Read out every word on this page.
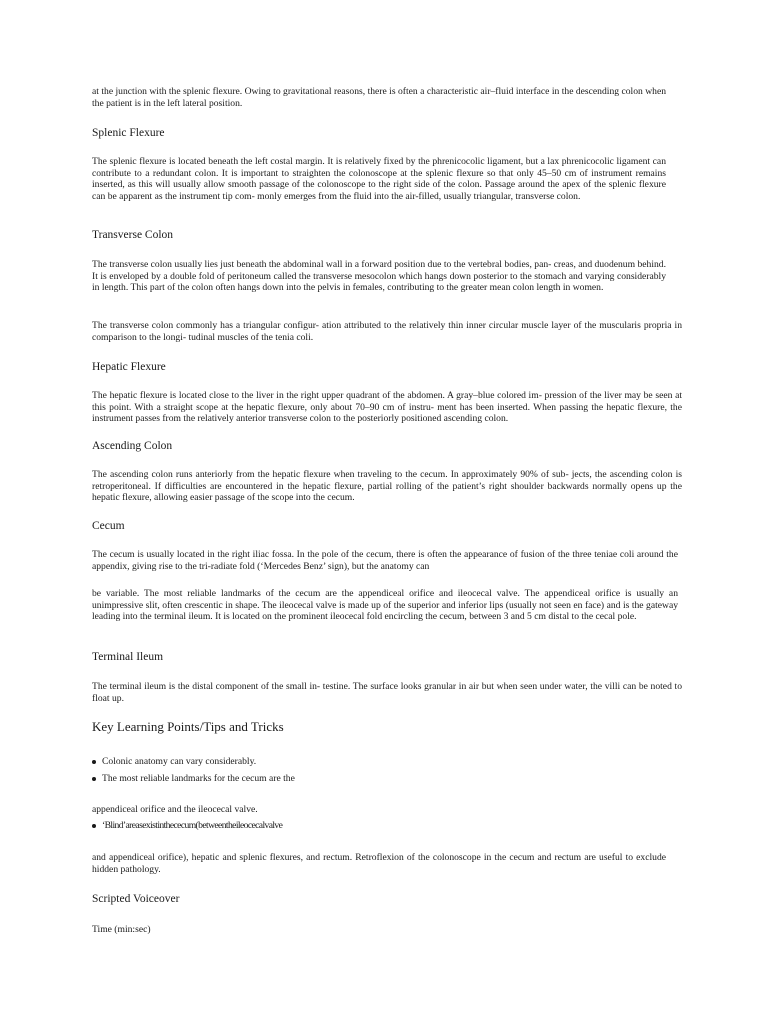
at the junction with the splenic flexure. Owing to gravitational reasons, there is often a characteristic air–fluid interface in the descending colon when the patient is in the left lateral position.

Splenic Flexure

The splenic flexure is located beneath the left costal margin. It is relatively fixed by the phrenicocolic ligament, but a lax phrenicocolic ligament can contribute to a redundant colon. It is important to straighten the colonoscope at the splenic flexure so that only 45–50 cm of instrument remains inserted, as this will usually allow smooth passage of the colonoscope to the right side of the colon. Passage around the apex of the splenic flexure can be apparent as the instrument tip com- monly emerges from the fluid into the air-filled, usually triangular, transverse colon.

Transverse Colon

The transverse colon usually lies just beneath the abdominal wall in a forward position due to the vertebral bodies, pan- creas, and duodenum behind. It is enveloped by a double fold of peritoneum called the transverse mesocolon which hangs down posterior to the stomach and varying considerably in length. This part of the colon often hangs down into the pelvis in females, contributing to the greater mean colon length in women.

The transverse colon commonly has a triangular configur- ation attributed to the relatively thin inner circular muscle layer of the muscularis propria in comparison to the longi- tudinal muscles of the tenia coli.

Hepatic Flexure

The hepatic flexure is located close to the liver in the right upper quadrant of the abdomen. A gray–blue colored im- pression of the liver may be seen at this point. With a straight scope at the hepatic flexure, only about 70–90 cm of instru- ment has been inserted. When passing the hepatic flexure, the instrument passes from the relatively anterior transverse colon to the posteriorly positioned ascending colon.

Ascending Colon

The ascending colon runs anteriorly from the hepatic flexure when traveling to the cecum. In approximately 90% of sub- jects, the ascending colon is retroperitoneal. If difficulties are encountered in the hepatic flexure, partial rolling of the patient’s right shoulder backwards normally opens up the hepatic flexure, allowing easier passage of the scope into the cecum.

Cecum

The cecum is usually located in the right iliac fossa. In the pole of the cecum, there is often the appearance of fusion of the three teniae coli around the appendix, giving rise to the tri-radiate fold (‘Mercedes Benz’ sign), but the anatomy can

be variable. The most reliable landmarks of the cecum are the appendiceal orifice and ileocecal valve. The appendiceal orifice is usually an unimpressive slit, often crescentic in shape. The ileocecal valve is made up of the superior and inferior lips (usually not seen en face) and is the gateway leading into the terminal ileum. It is located on the prominent ileocecal fold encircling the cecum, between 3 and 5 cm distal to the cecal pole.

Terminal Ileum

The terminal ileum is the distal component of the small in- testine. The surface looks granular in air but when seen under water, the villi can be noted to float up.

Key Learning Points/Tips and Tricks
Colonic anatomy can vary considerably.
The most reliable landmarks for the cecum are the

appendiceal orifice and the ileocecal valve.

‘Blind’areasexistinthececum(betweentheileocecalvalve

and appendiceal orifice), hepatic and splenic flexures, and rectum. Retroflexion of the colonoscope in the cecum and rectum are useful to exclude hidden pathology.

Scripted Voiceover

Time (min:sec)
